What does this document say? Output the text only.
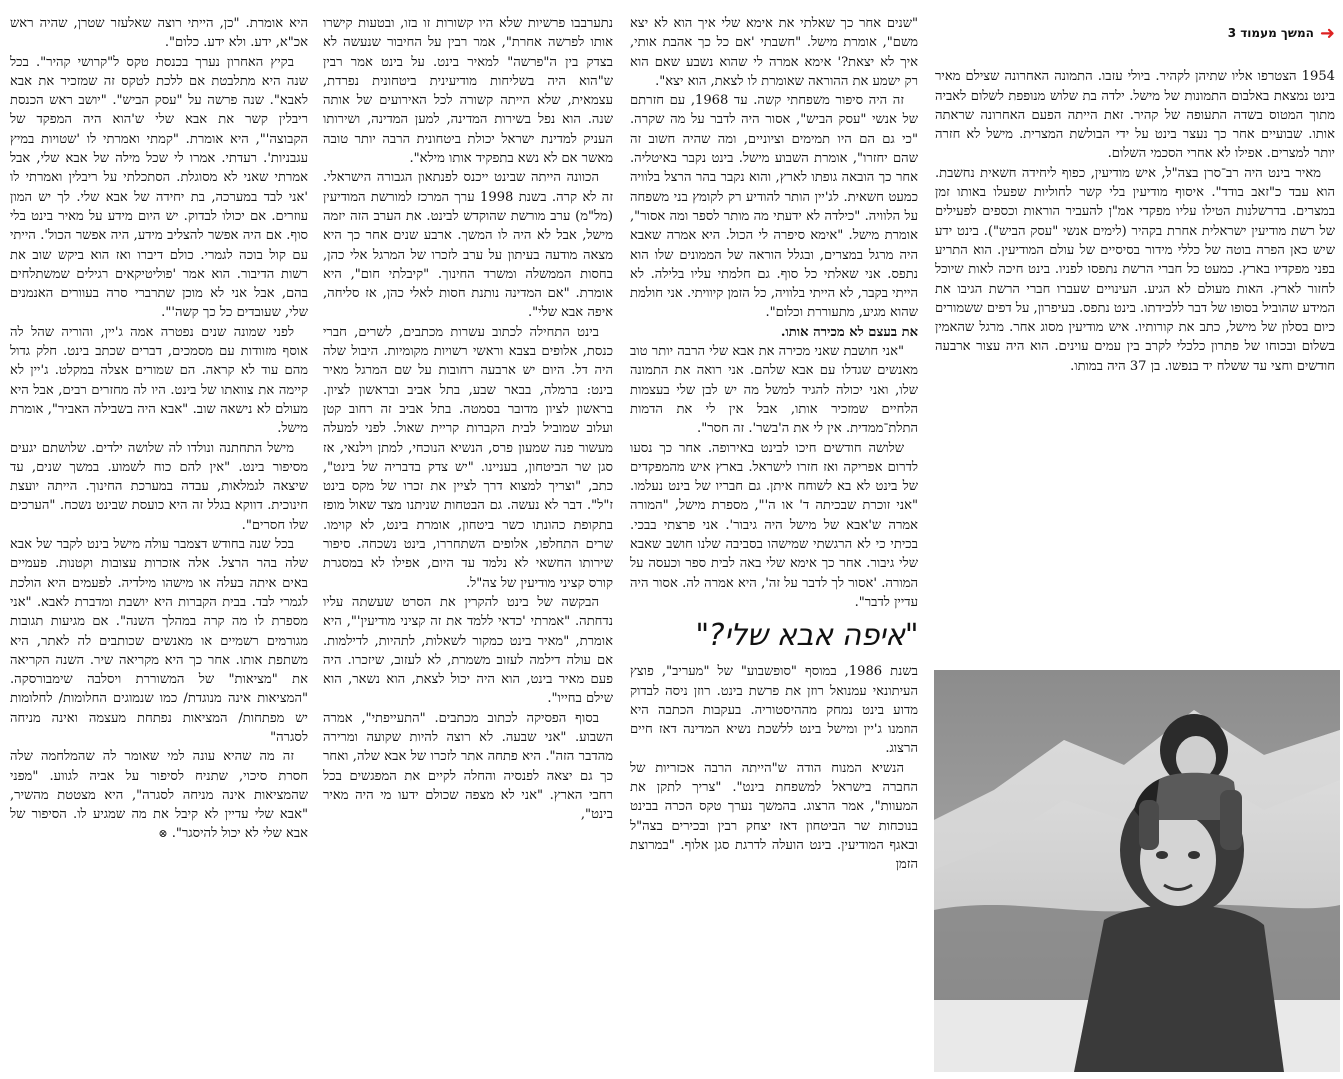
➜
המשך מעמוד 3

1954 הצטרפו אליו שתיהן לקהיר. ביולי עזבו. התמונה האחרונה שצילם מאיר בינט נמצאת באלבום התמונות של מישל. ילדה בת שלוש מנופפת לשלום לאביה מתוך המטוס בשדה התעופה של קהיר. זאת הייתה הפעם האחרונה שראתה אותו. שבועיים אחר כך נעצר בינט על ידי הבולשת המצרית. מישל לא חזרה יותר למצרים. אפילו לא אחרי הסכמי השלום.

מאיר בינט היה רב־סרן בצה"ל, איש מודיעין, כפוף ליחידה חשאית נחשבת. הוא עבד כ"זאב בודד". איסוף מודיעין בלי קשר לחוליות שפעלו באותו זמן במצרים. בדרשלנות הטילו עליו מפקדי אמ"ן להעביר הוראות וכספים לפעילים של רשת מודיעין ישראלית אחרת בקהיר (לימים אנשי "עסק הביש"). בינט ידע שיש כאן הפרה בוטה של כללי מידור בסיסיים של עולם המודיעין. הוא התריע בפני מפקדיו בארץ. כמעט כל חברי הרשת נתפסו לפניו. בינט חיכה לאות שיוכל לחזור לארץ. האות מעולם לא הגיע. העינויים שעברו חברי הרשת הגיבו את המידע שהוביל בסופו של דבר ללכידתו. בינט נתפס. בעיפרון, על דפים ששמורים כיום בסלון של מישל, כתב את קורותיו. איש מודיעין מסוג אחר. מרגל שהאמין בשלום ובכוחו של פתרון כלכלי לקרב בין עמים עוינים. הוא היה עצור ארבעה חודשים וחצי עד ששלח יד בנפשו. בן 37 היה במותו.

"שנים אחר כך שאלתי את אימא שלי איך הוא לא יצא משם", אומרת מישל. "חשבתי 'אם כל כך אהבת אותי, איך לא יצאת?' אימא אמרה לי שהוא נשבע שאם הוא רק ישמע את ההוראה שאומרת לו לצאת, הוא יצא".

זה היה סיפור משפחתי קשה. עד 1968, עם חזרתם של אנשי "עסק הביש", אסור היה לדבר על מה שקרה. "כי גם הם היו תמימים וציוניים, ומה שהיה חשוב זה שהם יחזרו", אומרת השבוע מישל. בינט נקבר באיטליה. אחר כך הובאה גופתו לארץ, והוא נקבר בהר הרצל בלוויה כמעט חשאית. לג'יין הותר להודיע רק לקומץ בני משפחה על הלוויה. "כילדה לא ידעתי מה מותר לספר ומה אסור", אומרת מישל. "אימא סיפרה לי הכול. היא אמרה שאבא היה מרגל במצרים, ובגלל הוראה של הממונים שלו הוא נתפס. אני שאלתי כל סוף. גם חלמתי עליו בלילה. לא הייתי בקבר, לא הייתי בלוויה, כל הזמן קיוויתי. אני חולמת שהוא מגיע, מתעוררת וכלום".

את בעצם לא מכירה אותו.

"אני חושבת שאני מכירה את אבא שלי הרבה יותר טוב מאנשים שגדלו עם אבא שלהם. אני רואה את התמונה שלו, ואני יכולה להגיד למשל מה יש לבן שלי בעצמות הלחיים שמזכיר אותו, אבל אין לי את הדמות התלת־ממדית. אין לי את ה'בשר'. זה חסר".

שלושה חודשים חיכו לבינט באירופה. אחר כך נסעו לדרום אפריקה ואז חזרו לישראל. בארץ איש מהמפקדים של בינט לא בא לשוחח איתן. גם חבריו של בינט נעלמו. "אני זוכרת שבכיתה ד' או ה'", מספרת מישל, "המורה אמרה ש'אבא של מישל היה גיבור'. אני פרצתי בבכי. בכיתי כי לא הרגשתי שמישהו בסביבה שלנו חושב שאבא שלי גיבור. אחר כך אימא שלי באה לבית ספר וכעסה על המורה. 'אסור לך לדבר על זה', היא אמרה לה. אסור היה עדיין לדבר".

"איפה אבא שלי?"

בשנת 1986, במוסף "סופשבוע" של "מעריב", פוצץ העיתונאי עמנואל רוזן את פרשת בינט. רוזן ניסה לבדוק מדוע בינט נמחק מההיסטוריה. בעקבות הכתבה היא הוזמנו ג'יין ומישל בינט ללשכת נשיא המדינה דאז חיים הרצוג.

הנשיא המנוח הודה ש"הייתה הרבה אכזריות של החברה בישראל למשפחת בינט". "צריך לתקן את המעוות", אמר הרצוג. בהמשך נערך טקס הכרה בבינט בנוכחות שר הביטחון דאז יצחק רבין ובכירים בצה"ל ובאגף המודיעין. בינט הועלה לדרגת סגן אלוף. "במרוצת הזמן

נתערבבו פרשיות שלא היו קשורות זו בזו, ובטעות קישרו אותו לפרשה אחרת", אמר רבין על החיבור שנעשה לא בצדק בין ה"פרשה" למאיר בינט. על בינט אמר רבין ש"הוא היה בשליחות מודיעינית ביטחונית נפרדת, עצמאית, שלא הייתה קשורה לכל האירועים של אותה שנה. הוא נפל בשירות המדינה, למען המדינה, ושירותו העניק למדינת ישראל יכולת ביטחונית הרבה יותר טובה מאשר אם לא נשא בתפקיד אותו מילא".

הכוונה הייתה שבינט ייכנס לפנתאון הגבורה הישראלי. זה לא קרה. בשנת 1998 ערך המרכז למורשת המודיעין (מל"מ) ערב מורשת שהוקדש לבינט. את הערב הזה יזמה מישל, אבל לא היה לו המשך. ארבע שנים אחר כך היא מצאה מודעה בעיתון על ערב לזכרו של המרגל אלי כהן, בחסות הממשלה ומשרד החינוך. "קיבלתי חום", היא אומרת. "אם המדינה נותנת חסות לאלי כהן, אז סליחה, איפה אבא שלי".

בינט התחילה לכתוב עשרות מכתבים, לשרים, חברי כנסת, אלופים בצבא וראשי רשויות מקומיות. היבול שלה היה דל. היום יש ארבעה רחובות על שם המרגל מאיר בינט: ברמלה, בבאר שבע, בתל אביב ובראשון לציון. בראשון לציון מדובר בסמטה. בתל אביב זה רחוב קטן ועלוב שמוביל לבית הקברות קריית שאול. לפני למעלה מעשור פנה שמעון פרס, הנשיא הנוכחי, למתן וילנאי, אז סגן שר הביטחון, בעניינו. "יש צדק בדבריה של בינט", כתב, "וצריך למצוא דרך לציין את זכרו של מקס בינט ז"ל". דבר לא נעשה. גם הבטחות שניתנו מצד שאול מופז בתקופת כהונתו כשר ביטחון, אומרת בינט, לא קוימו. שרים התחלפו, אלופים השתחררו, בינט נשכחה. סיפור שירותו החשאי לא נלמד עד היום, אפילו לא במסגרת קורס קציני מודיעין של צה"ל.

הבקשה של בינט להקרין את הסרט שעשתה עליו נדחתה. "אמרתי 'כדאי ללמד את זה קציני מודיעין'", היא אומרת, "מאיר בינט כמקור לשאלות, לתהיות, לדילמות. אם עולה דילמה לעזוב משמרת, לא לעזוב, שיזכרו. היה פעם מאיר בינט, הוא היה יכול לצאת, הוא נשאר, הוא שילם בחייו".

בסוף הפסיקה לכתוב מכתבים. "התעייפתי", אמרה השבוע. "אני שבעה. לא רוצה להיות שקועה ומרירה מהדבר הזה". היא פתחה אתר לזכרו של אבא שלה, ואחר כך גם יצאה לפנסיה והחלה לקיים את המפגשים בכל רחבי הארץ. "אני לא מצפה שכולם ידעו מי היה מאיר בינט",

היא אומרת. "כן, הייתי רוצה שאלעזר שטרן, שהיה ראש אכ"א, ידע. ולא ידע. כלום".

בקיץ האחרון נערך בכנסת טקס ל"קרושי קהיר". בכל שנה היא מתלבטת אם ללכת לטקס זה שמזכיר את אבא לאבא". שנה פרשה על "עסק הביש". "יושב ראש הכנסת ריבלין קשר את אבא שלי ש'הוא היה המפקד של הקבוצה'", היא אומרת. "קמתי ואמרתי לו 'שטויות במיץ עגבניות'. רעדתי. אמרו לי שכל מילה של אבא שלי, אבל אמרתי שאני לא מסוגלת. הסתכלתי על ריבלין ואמרתי לו 'אני לבד במערכה, בת יחידה של אבא שלי. לך יש המון עוזרים. אם יכולו לבדוק. יש היום מידע על מאיר בינט בלי סוף. אם היה אפשר להצליב מידע, היה אפשר הכול'. הייתי עם קול בוכה לגמרי. כולם דיברו ואז הוא ביקש שוב את רשות הדיבור. הוא אמר 'פוליטיקאים רגילים שמשתלחים בהם, אבל אני לא מוכן שתרברי סרה בעוורים האנמנים שלי, שעובדים כל כך קשה'".

לפני שמונה שנים נפטרה אמה ג'יין, והוריה שהל לה אוסף מזוודות עם מסמכים, דברים שכתב בינט. חלק גדול מהם עוד לא קראה. הם שמורים אצלה במקלט. ג'יין לא קיימה את צוואתו של בינט. היו לה מחזרים רבים, אבל היא מעולם לא נישאה שוב. "אבא היה בשבילה האביר", אומרת מישל.

מישל התחתנה ונולדו לה שלושה ילדים. שלושתם יגעים מסיפור בינט. "אין להם כוח לשמוע. במשך שנים, עד שיצאה לגמלאות, עבדה במערכת החינוך. הייתה יועצת חינוכית. דווקא בגלל זה היא כועסת שבינט נשכח. "הערכים שלו חסרים".

בכל שנה בחודש דצמבר עולה מישל בינט לקבר של אבא שלה בהר הרצל. אלה אזכרות עצובות וקטנות. פעמיים באים איתה בעלה או מישהו מילדיה. לפעמים היא הולכת לגמרי לבד. בבית הקברות היא יושבת ומדברת לאבא. "אני מספרת לו מה קרה במהלך השנה". אם מגיעות תגובות מגורמים רשמיים או מאנשים שכותבים לה לאתר, היא משתפת אותו. אחר כך היא מקריאה שיר. השנה הקריאה את "מציאות" של המשוררת ויסלבה שימבורסקה. "המציאות אינה מנוגדת/ כמו שנמוגים החלומות/ לחלומות יש מפתחות/ המציאות נפתחת מעצמה ואינה מניחה לסגרה"

זה מה שהיא עונה למי שאומר לה שהמלחמה שלה חסרת סיכוי, שתניח לסיפור על אביה לגווע. "מפני שהמציאות אינה מניחה לסגרה", היא מצטטת מהשיר, "אבא שלי עדיין לא קיבל את מה שמגיע לו. הסיפור של אבא שלי לא יכול להיסגר". ⊗
